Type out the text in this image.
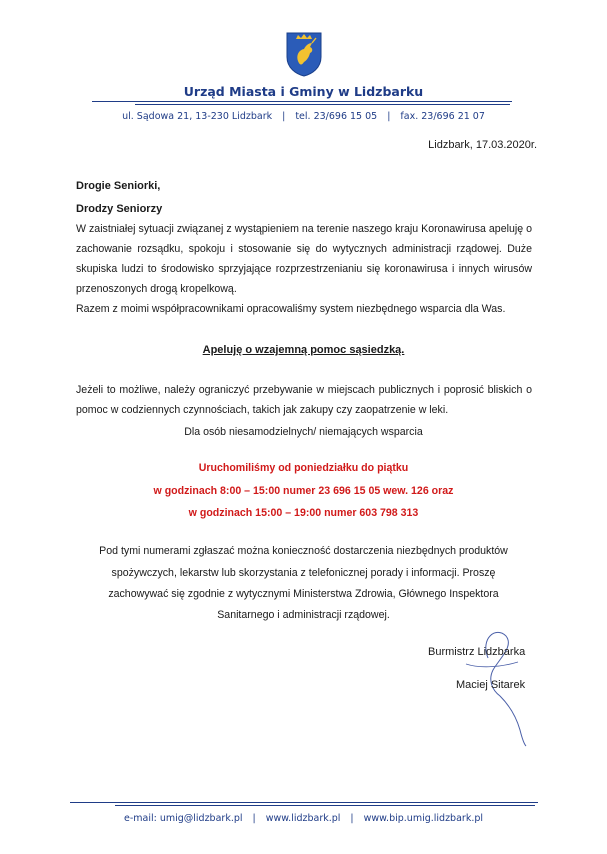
Urząd Miasta i Gminy w Lidzbarku
ul. Sądowa 21, 13-230 Lidzbark | tel. 23/696 15 05 | fax. 23/696 21 07
Lidzbark, 17.03.2020r.
Drogie Seniorki,
Drodzy Seniorzy
W zaistniałej sytuacji związanej z wystąpieniem na terenie naszego kraju Koronawirusa apeluję o zachowanie rozsądku, spokoju i stosowanie się do wytycznych administracji rządowej. Duże skupiska ludzi to środowisko sprzyjające rozprzestrzenianiu się koronawirusa i innych wirusów przenoszonych drogą kropelkową.
Razem z moimi współpracownikami opracowaliśmy system niezbędnego wsparcia dla Was.
Apeluję o wzajemną pomoc sąsiedzką.
Jeżeli to możliwe, należy ograniczyć przebywanie w miejscach publicznych i poprosić bliskich o pomoc w codziennych czynnościach, takich jak zakupy czy zaopatrzenie w leki.
Dla osób niesamodzielnych/ niemających wsparcia
Uruchomiliśmy od poniedziałku do piątku
w godzinach 8:00 – 15:00 numer 23 696 15 05 wew. 126 oraz
w godzinach 15:00 – 19:00 numer 603 798 313
Pod tymi numerami zgłaszać można konieczność dostarczenia niezbędnych produktów
spożywczych, lekarstw lub skorzystania z telefonicznej porady i informacji. Proszę
zachowywać się zgodnie z wytycznymi Ministerstwa Zdrowia, Głównego Inspektora
Sanitarnego i administracji rządowej.
Burmistrz Lidzbarka
Maciej Sitarek
e-mail: umig@lidzbark.pl | www.lidzbark.pl | www.bip.umig.lidzbark.pl
